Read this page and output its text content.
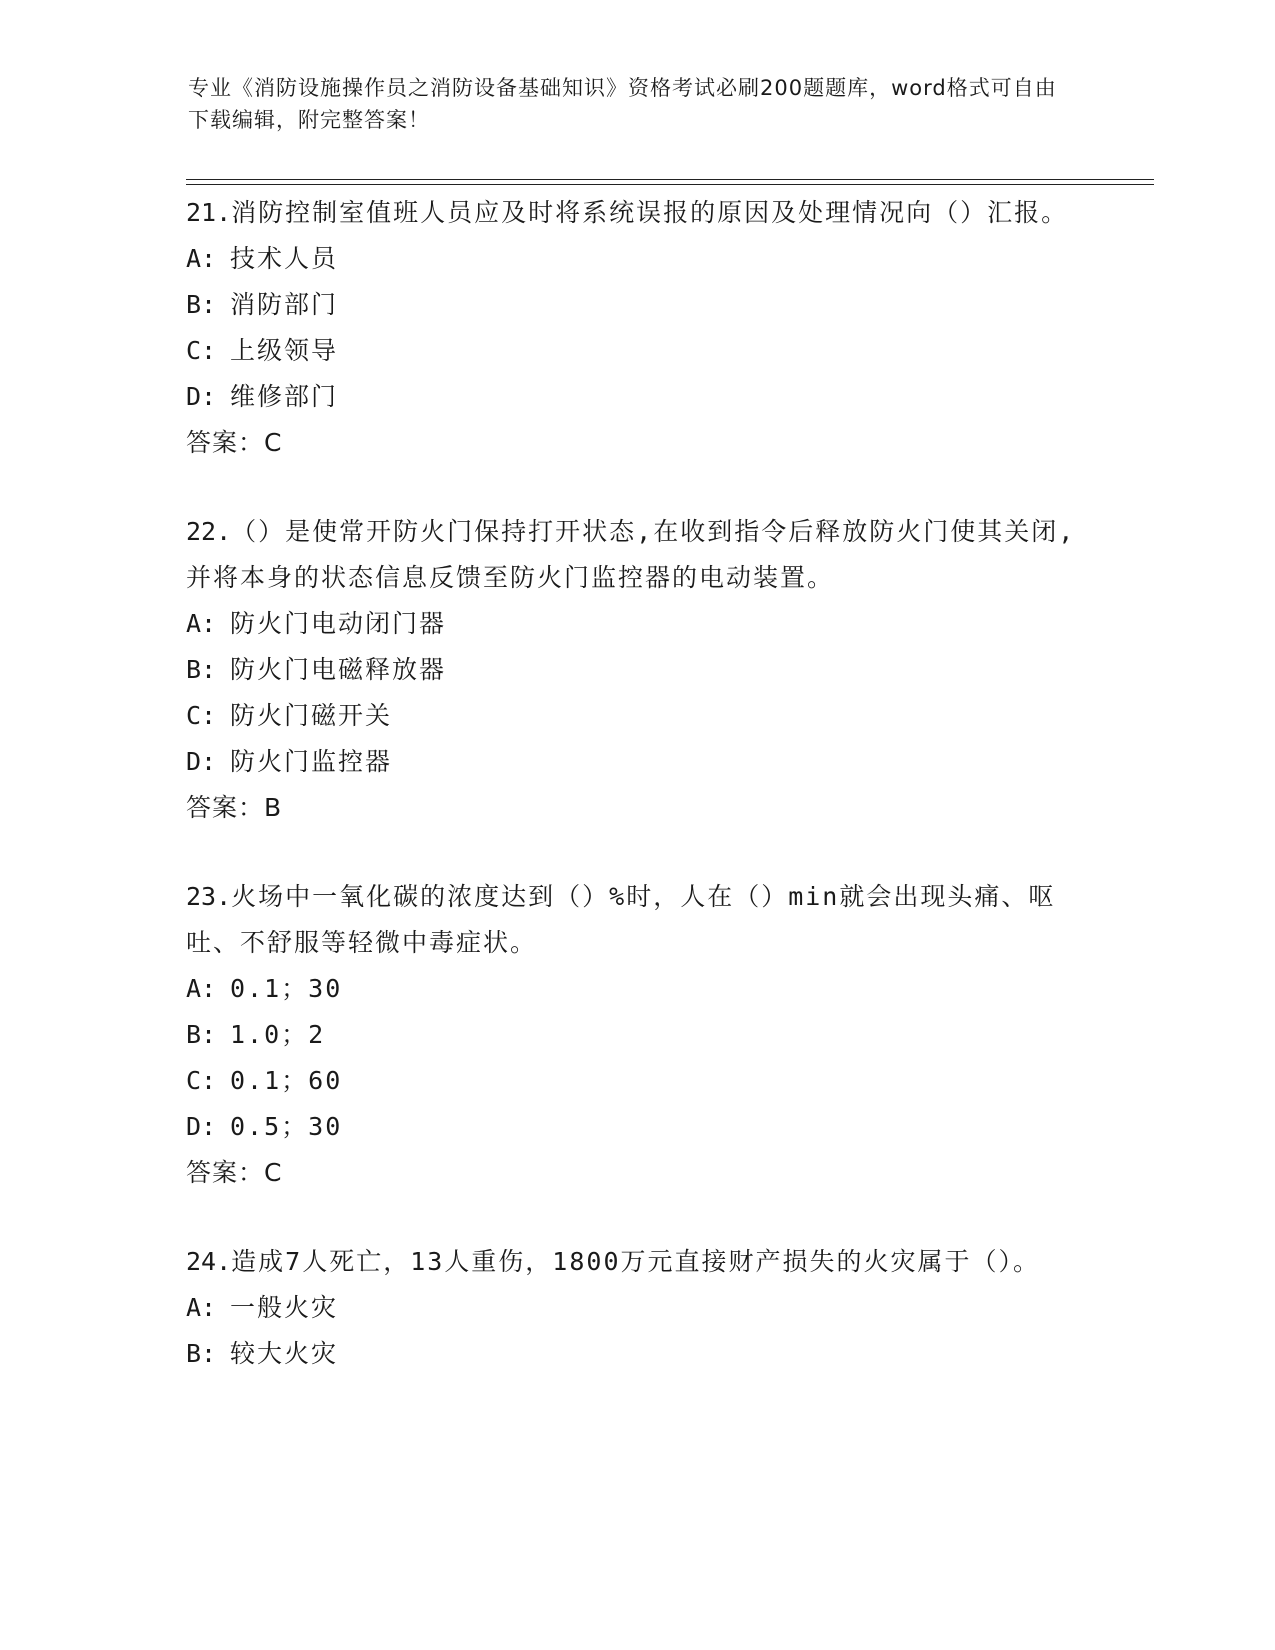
专业《消防设施操作员之消防设备基础知识》资格考试必刷200题题库，word格式可自由下载编辑，附完整答案！

21.消防控制室值班人员应及时将系统误报的原因及处理情况向（）汇报。

A: 技术人员
B: 消防部门
C: 上级领导
D: 维修部门
答案：C

22.（）是使常开防火门保持打开状态,在收到指令后释放防火门使其关闭,并将本身的状态信息反馈至防火门监控器的电动装置。

A: 防火门电动闭门器
B: 防火门电磁释放器
C: 防火门磁开关
D: 防火门监控器
答案：B

23.火场中一氧化碳的浓度达到（）%时，人在（）min就会出现头痛、呕吐、不舒服等轻微中毒症状。

A: 0.1；30
B: 1.0；2
C: 0.1；60
D: 0.5；30
答案：C

24.造成7人死亡，13人重伤，1800万元直接财产损失的火灾属于（）。

A: 一般火灾
B: 较大火灾
